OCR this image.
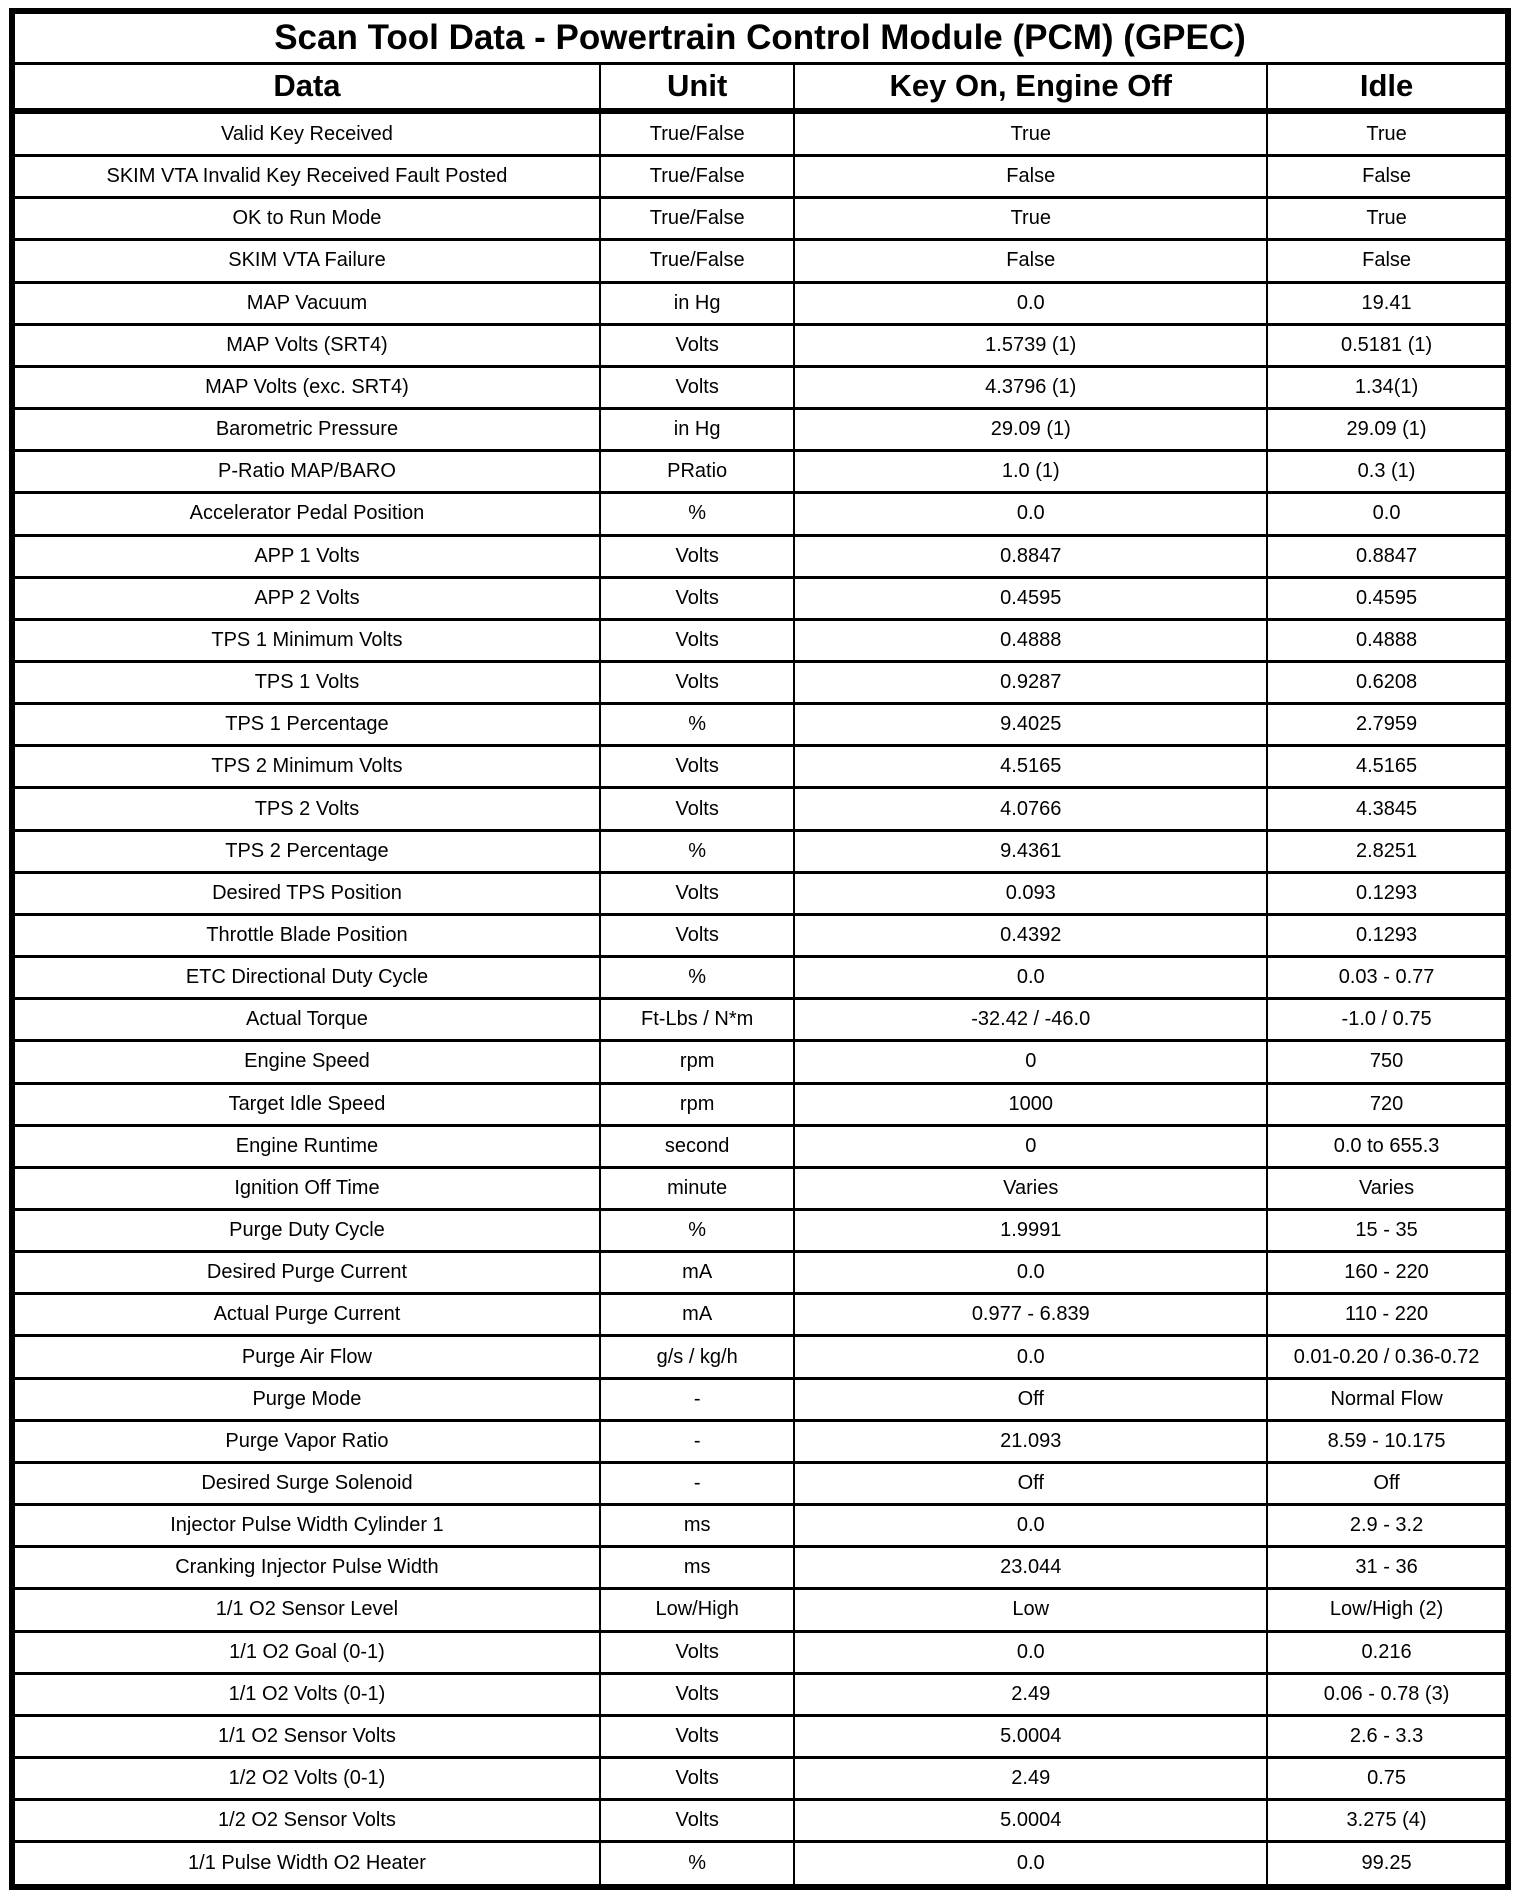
Scan Tool Data - Powertrain Control Module (PCM) (GPEC)			
Data	Unit	Key On, Engine Off	Idle
Valid Key Received	True/False	True	True
SKIM VTA Invalid Key Received Fault Posted	True/False	False	False
OK to Run Mode	True/False	True	True
SKIM VTA Failure	True/False	False	False
MAP Vacuum	in Hg	0.0	19.41
MAP Volts (SRT4)	Volts	1.5739 (1)	0.5181 (1)
MAP Volts (exc. SRT4)	Volts	4.3796 (1)	1.34(1)
Barometric Pressure	in Hg	29.09 (1)	29.09 (1)
P-Ratio MAP/BARO	PRatio	1.0 (1)	0.3 (1)
Accelerator Pedal Position	%	0.0	0.0
APP 1 Volts	Volts	0.8847	0.8847
APP 2 Volts	Volts	0.4595	0.4595
TPS 1 Minimum Volts	Volts	0.4888	0.4888
TPS 1 Volts	Volts	0.9287	0.6208
TPS 1 Percentage	%	9.4025	2.7959
TPS 2 Minimum Volts	Volts	4.5165	4.5165
TPS 2 Volts	Volts	4.0766	4.3845
TPS 2 Percentage	%	9.4361	2.8251
Desired TPS Position	Volts	0.093	0.1293
Throttle Blade Position	Volts	0.4392	0.1293
ETC Directional Duty Cycle	%	0.0	0.03 - 0.77
Actual Torque	Ft-Lbs / N*m	-32.42 / -46.0	-1.0 / 0.75
Engine Speed	rpm	0	750
Target Idle Speed	rpm	1000	720
Engine Runtime	second	0	0.0 to 655.3
Ignition Off Time	minute	Varies	Varies
Purge Duty Cycle	%	1.9991	15 - 35
Desired Purge Current	mA	0.0	160 - 220
Actual Purge Current	mA	0.977 - 6.839	110 - 220
Purge Air Flow	g/s / kg/h	0.0	0.01-0.20 / 0.36-0.72
Purge Mode	-	Off	Normal Flow
Purge Vapor Ratio	-	21.093	8.59 - 10.175
Desired Surge Solenoid	-	Off	Off
Injector Pulse Width Cylinder 1	ms	0.0	2.9 - 3.2
Cranking Injector Pulse Width	ms	23.044	31 - 36
1/1 O2 Sensor Level	Low/High	Low	Low/High (2)
1/1 O2 Goal (0-1)	Volts	0.0	0.216
1/1 O2 Volts (0-1)	Volts	2.49	0.06 - 0.78 (3)
1/1 O2 Sensor Volts	Volts	5.0004	2.6 - 3.3
1/2 O2 Volts (0-1)	Volts	2.49	0.75
1/2 O2 Sensor Volts	Volts	5.0004	3.275 (4)
1/1 Pulse Width O2 Heater	%	0.0	99.25
